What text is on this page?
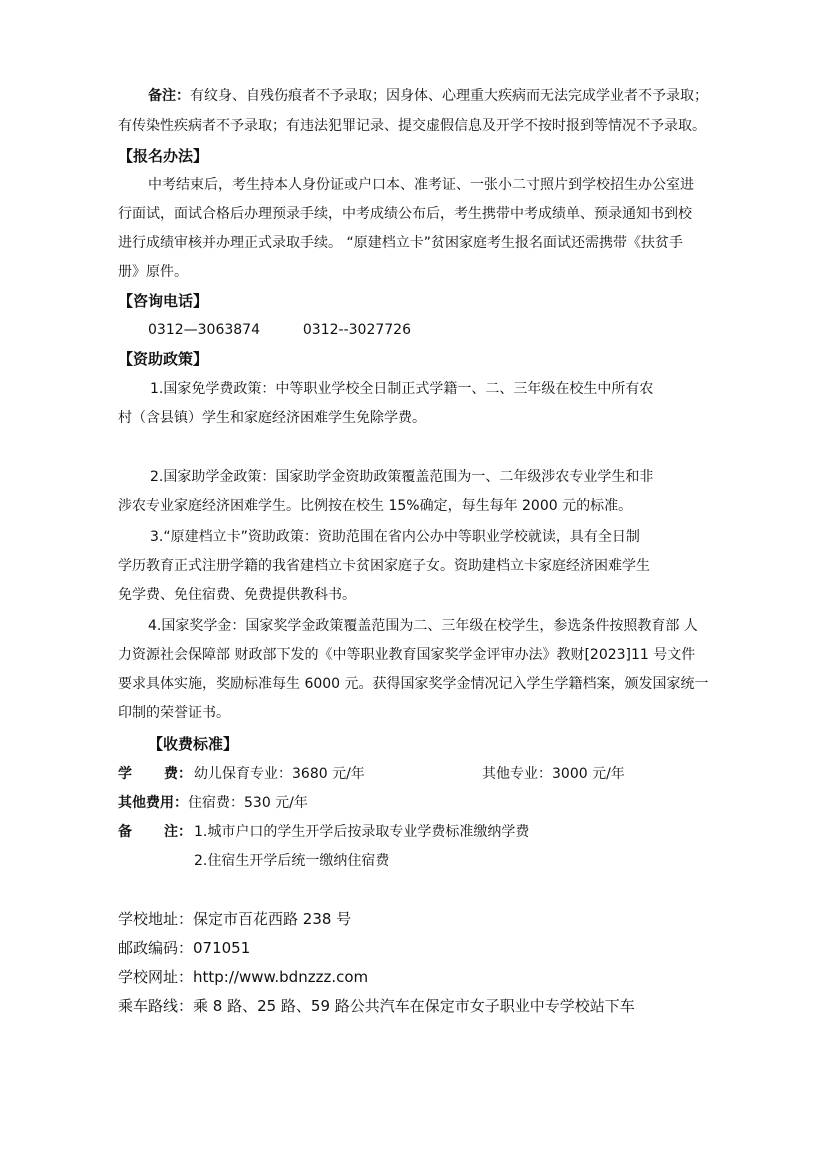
备注：有纹身、自残伤痕者不予录取；因身体、心理重大疾病而无法完成学业者不予录取；
有传染性疾病者不予录取；有违法犯罪记录、提交虚假信息及开学不按时报到等情况不予录取。
【报名办法】
中考结束后，考生持本人身份证或户口本、准考证、一张小二寸照片到学校招生办公室进
行面试，面试合格后办理预录手续，中考成绩公布后，考生携带中考成绩单、预录通知书到校
进行成绩审核并办理正式录取手续。 “原建档立卡”贫困家庭考生报名面试还需携带《扶贫手
册》原件。
【咨询电话】
0312—3063874	0312--3027726
【资助政策】
1.国家免学费政策：中等职业学校全日制正式学籍一、二、三年级在校生中所有农
村（含县镇）学生和家庭经济困难学生免除学费。
2.国家助学金政策：国家助学金资助政策覆盖范围为一、二年级涉农专业学生和非
涉农专业家庭经济困难学生。比例按在校生 15%确定，每生每年 2000 元的标准。
3.“原建档立卡”资助政策：资助范围在省内公办中等职业学校就读，具有全日制
学历教育正式注册学籍的我省建档立卡贫困家庭子女。资助建档立卡家庭经济困难学生
免学费、免住宿费、免费提供教科书。
4.国家奖学金：国家奖学金政策覆盖范围为二、三年级在校学生，参选条件按照教育部 人
力资源社会保障部 财政部下发的《中等职业教育国家奖学金评审办法》教财[2023]11 号文件
要求具体实施，奖励标准每生 6000 元。获得国家奖学金情况记入学生学籍档案，颁发国家统一
印制的荣誉证书。
【收费标准】
学 费： 幼儿保育专业：3680 元/年	其他专业：3000 元/年
其他费用：住宿费：530 元/年
备 注： 1.城市户口的学生开学后按录取专业学费标准缴纳学费
2.住宿生开学后统一缴纳住宿费
学校地址：保定市百花西路 238 号
邮政编码：071051
学校网址：http://www.bdnzzz.com
乘车路线：乘 8 路、25 路、59 路公共汽车在保定市女子职业中专学校站下车
